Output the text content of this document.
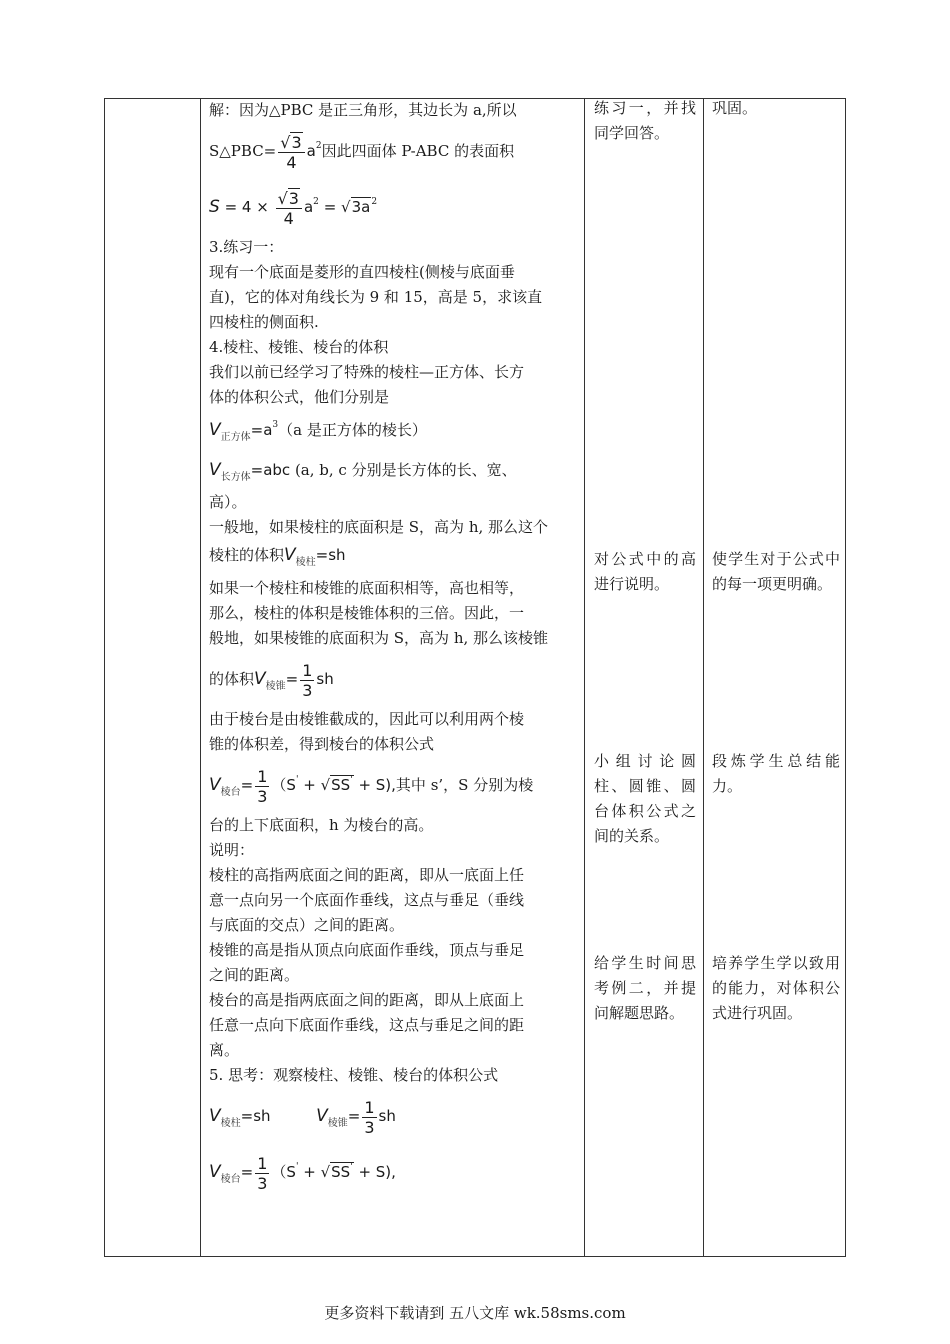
解：因为△PBC 是正三角形，其边长为 a,所以
S△PBC= $\frac{√3}{4} a^2$因此四面体 P-ABC 的表面积
$S = 4 \times \frac{√3}{4} a^2 = √3a^2$
3.练习一：
现有一个底面是菱形的直四棱柱(侧棱与底面垂
直)，它的体对角线长为 9 和 15，高是 5，求该直
四棱柱的侧面积.
4.棱柱、棱锥、棱台的体积
我们以前已经学习了特殊的棱柱—正方体、长方
体的体积公式，他们分别是
$V_{正方体}=a^3(a$ 是正方体的棱长）
$V_{长方体}=abc$ (a, b, c 分别是长方体的长、宽、
高）。
一般地，如果棱柱的底面积是 S，高为 h, 那么这个
棱柱的体积$V_{棱柱}=sh$
如果一个棱柱和棱锥的底面积相等，高也相等，
那么，棱柱的体积是棱锥体积的三倍。因此，一
般地，如果棱锥的底面积为 S，高为 h, 那么该棱锥
的体积$V_{棱锥}= \frac{1}{3}$ sh
由于棱台是由棱锥截成的，因此可以利用两个棱
锥的体积差，得到棱台的体积公式
$V_{棱台}= \frac{1}{3} (S' + √SS' + S)$,其中 s’，S 分别为棱
台的上下底面积，h 为棱台的高。
说明：
棱柱的高指两底面之间的距离，即从一底面上任
意一点向另一个底面作垂线，这点与垂足（垂线
与底面的交点）之间的距离。
棱锥的高是指从顶点向底面作垂线，顶点与垂足
之间的距离。
棱台的高是指两底面之间的距离，即从上底面上
任意一点向下底面作垂线，这点与垂足之间的距
离。
5. 思考：观察棱柱、棱锥、棱台的体积公式
$V_{棱柱}=sh$	$V_{棱锥}= \frac{1}{3}$ sh
$V_{棱台}= \frac{1}{3} (S' + √SS' + S)$,
练习一，并找同学回答。
对公式中的高进行说明。
小组讨论圆柱、圆锥、圆台体积公式之间的关系。
给学生时间思考例二，并提问解题思路。
巩固。
使学生对于公式中的每一项更明确。
段炼学生总结能力。
培养学生学以致用的能力，对体积公式进行巩固。
更多资料下载请到 五八文库 wk.58sms.com
